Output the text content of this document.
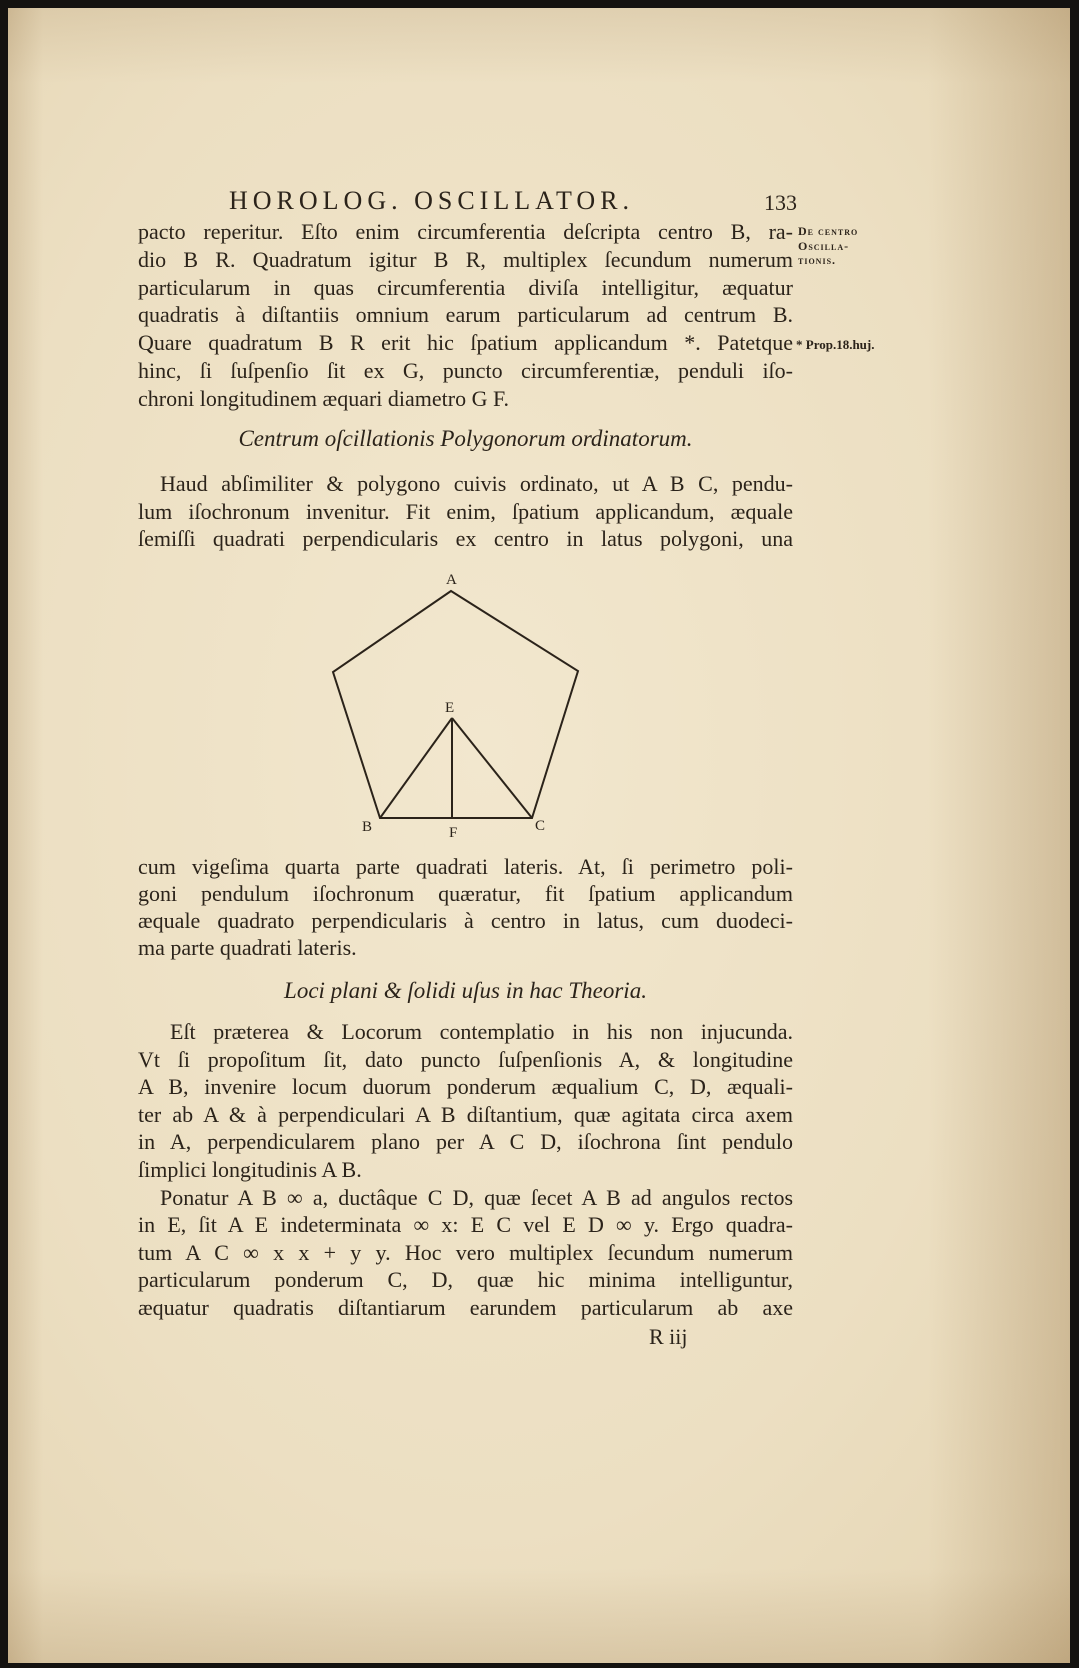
HOROLOG. OSCILLATOR.	133
De centro
Oscilla-
tionis.
* Prop.18.huj.
pacto reperitur. Eſto enim circumferentia deſcripta centro B, ra-
dio B R. Quadratum igitur B R, multiplex ſecundum numerum
particularum in quas circumferentia diviſa intelligitur, æquatur
quadratis à diſtantiis omnium earum particularum ad centrum B.
Quare quadratum B R erit hic ſpatium applicandum *. Patetque
hinc, ſi ſuſpenſio ſit ex G, puncto circumferentiæ, penduli iſo-
chroni longitudinem æquari diametro G F.
Centrum oſcillationis Polygonorum ordinatorum.
Haud abſimiliter & polygono cuivis ordinato, ut A B C, pendu-
lum iſochronum invenitur. Fit enim, ſpatium applicandum, æquale
ſemiſſi quadrati perpendicularis ex centro in latus polygoni, una
A
E
B	F	C
cum vigeſima quarta parte quadrati lateris. At, ſi perimetro poli-
goni pendulum iſochronum quæratur, fit ſpatium applicandum
æquale quadrato perpendicularis à centro in latus, cum duodeci-
ma parte quadrati lateris.
Loci plani & ſolidi uſus in hac Theoria.
Eſt præterea & Locorum contemplatio in his non injucunda.
Vt ſi propoſitum ſit, dato puncto ſuſpenſionis A, & longitudine
A B, invenire locum duorum ponderum æqualium C, D, æquali-
ter ab A & à perpendiculari A B diſtantium, quæ agitata circa axem
in A, perpendicularem plano per A C D, iſochrona ſint pendulo
ſimplici longitudinis A B.
Ponatur A B ∞ a, ductâque C D, quæ ſecet A B ad angulos rectos
in E, ſit A E indeterminata ∞ x: E C vel E D ∞ y. Ergo quadra-
tum A C ∞ x x + y y. Hoc vero multiplex ſecundum numerum
particularum ponderum C, D, quæ hic minima intelliguntur,
æquatur quadratis diſtantiarum earundem particularum ab axe
R iij
